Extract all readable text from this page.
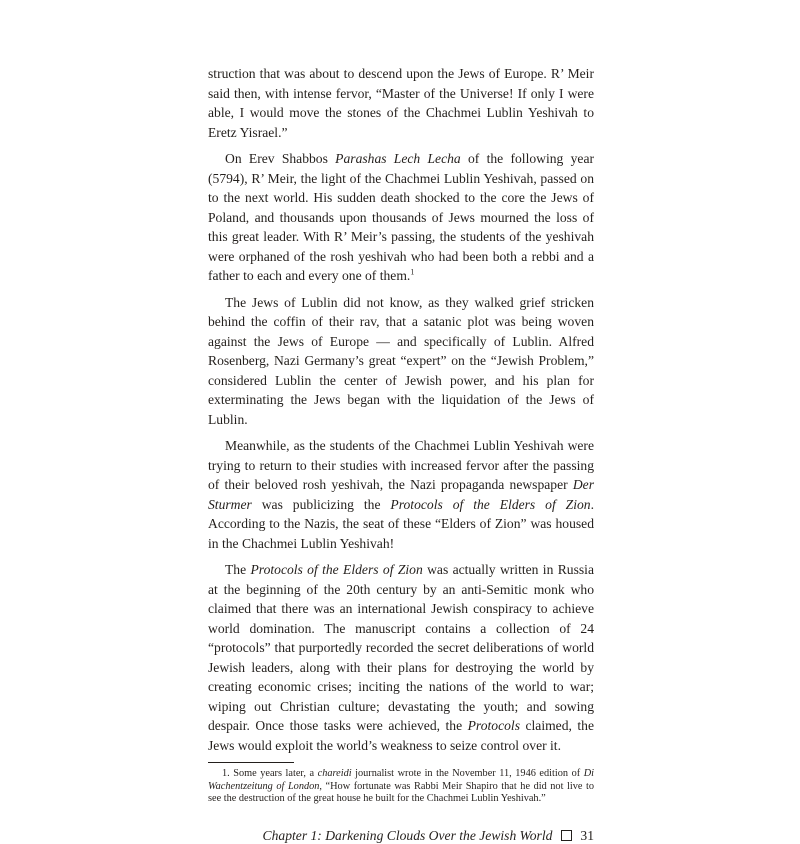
struction that was about to descend upon the Jews of Europe. R’ Meir said then, with intense fervor, “Master of the Universe! If only I were able, I would move the stones of the Chachmei Lublin Yeshivah to Eretz Yisrael.”

On Erev Shabbos Parashas Lech Lecha of the following year (5794), R’ Meir, the light of the Chachmei Lublin Yeshivah, passed on to the next world. His sudden death shocked to the core the Jews of Poland, and thousands upon thousands of Jews mourned the loss of this great leader. With R’ Meir’s passing, the students of the yeshivah were orphaned of the rosh yeshivah who had been both a rebbi and a father to each and every one of them.$^1$

The Jews of Lublin did not know, as they walked grief stricken behind the coffin of their rav, that a satanic plot was being woven against the Jews of Europe — and specifically of Lublin. Alfred Rosenberg, Nazi Germany’s great “expert” on the “Jewish Problem,” considered Lublin the center of Jewish power, and his plan for exterminating the Jews began with the liquidation of the Jews of Lublin.

Meanwhile, as the students of the Chachmei Lublin Yeshivah were trying to return to their studies with increased fervor after the passing of their beloved rosh yeshivah, the Nazi propaganda newspaper Der Sturmer was publicizing the Protocols of the Elders of Zion. According to the Nazis, the seat of these “Elders of Zion” was housed in the Chachmei Lublin Yeshivah!

The Protocols of the Elders of Zion was actually written in Russia at the beginning of the 20th century by an anti-Semitic monk who claimed that there was an international Jewish conspiracy to achieve world domination. The manuscript contains a collection of 24 “protocols” that purportedly recorded the secret deliberations of world Jewish leaders, along with their plans for destroying the world by creating economic crises; inciting the nations of the world to war; wiping out Christian culture; devastating the youth; and sowing despair. Once those tasks were achieved, the Protocols claimed, the Jews would exploit the world’s weakness to seize control over it.

1. Some years later, a chareidi journalist wrote in the November 11, 1946 edition of Di Wachentzeitung of London, “How fortunate was Rabbi Meir Shapiro that he did not live to see the destruction of the great house he built for the Chachmei Lublin Yeshivah.”

Chapter 1: Darkening Clouds Over the Jewish World 31
